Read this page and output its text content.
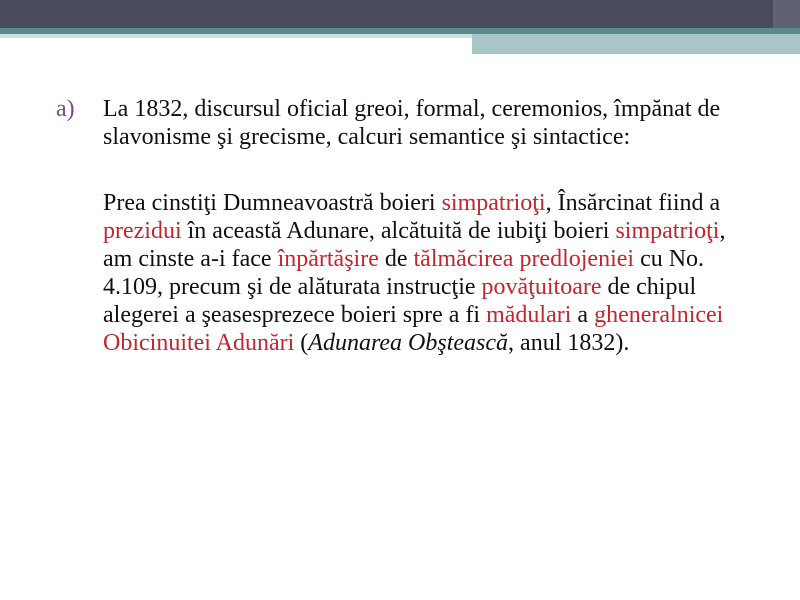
a)	La 1832, discursul oficial greoi, formal, ceremonios, împănat de slavonisme şi grecisme, calcuri semantice şi sintactice:
Prea cinstiţi Dumneavoastră boieri simpatrioţi, Însărcinat fiind a prezidui în această Adunare, alcătuită de iubiţi boieri simpatrioţi, am cinste a-i face înpărtăşire de tălmăcirea predlojeniei cu No. 4.109, precum şi de alăturata instrucţie povăţuitoare de chipul alegerei a şeasesprezece boieri spre a fi mădulari a gheneralnicei Obicinuitei Adunări (Adunarea Obştească, anul 1832).
